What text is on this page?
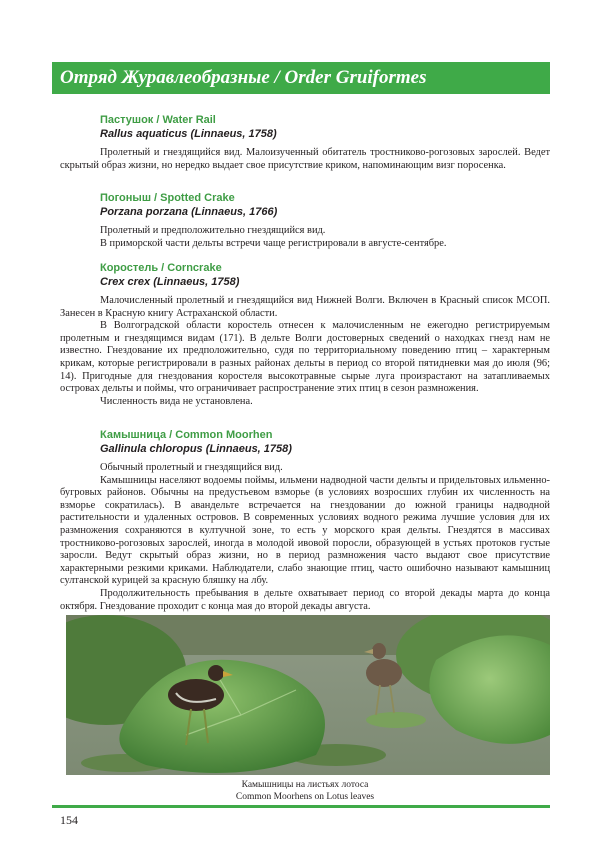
Отряд Журавлеобразные / Order Gruiformes
Пастушок / Water Rail
Rallus aquaticus (Linnaeus, 1758)

Пролетный и гнездящийся вид. Малоизученный обитатель тростниково-рогозовых зарослей. Ведет скрытый образ жизни, но нередко выдает свое присутствие криком, напоминающим визг поросенка.

Погоныш / Spotted Crake
Porzana porzana (Linnaeus, 1766)

Пролетный и предположительно гнездящийся вид.

В приморской части дельты встречи чаще регистрировали в августе-сентябре.

Коростель / Corncrake
Crex crex (Linnaeus, 1758)

Малочисленный пролетный и гнездящийся вид Нижней Волги. Включен в Красный список МСОП. Занесен в Красную книгу Астраханской области.

В Волгоградской области коростель отнесен к малочисленным не ежегодно регистрируемым пролетным и гнездящимся видам (171). В дельте Волги достоверных сведений о находках гнезд нам не известно. Гнездование их предположительно, судя по территориальному поведению птиц – характерным крикам, которые регистрировали в разных районах дельты в период со второй пятидневки мая до июля (96; 14). Пригодные для гнездования коростеля высокотравные сырые луга произрастают на затапливаемых островах дельты и поймы, что ограничивает распространение этих птиц в сезон размножения.

Численность вида не установлена.

Камышница / Common Moorhen
Gallinula chloropus (Linnaeus, 1758)

Обычный пролетный и гнездящийся вид.

Камышницы населяют водоемы поймы, ильмени надводной части дельты и придельтовых ильменно-бугровых районов. Обычны на предустьевом взморье (в условиях возросших глубин их численность на взморье сократилась). В авандельте встречается на гнездовании до южной границы надводной растительности и удаленных островов. В современных условиях водного режима лучшие условия для их размножения сохраняются в култучной зоне, то есть у морского края дельты. Гнездятся в массивах тростниково-рогозовых зарослей, иногда в молодой ивовой поросли, образующей в устьях протоков густые заросли. Ведут скрытый образ жизни, но в период размножения часто выдают свое присутствие характерными резкими криками. Наблюдатели, слабо знающие птиц, часто ошибочно называют камышниц султанской курицей за красную бляшку на лбу.

Продолжительность пребывания в дельте охватывает период со второй декады марта до конца октября. Гнездование проходит с конца мая до второй декады августа.

Камышницы на листьях лотоса
Common Moorhens on Lotus leaves
154
